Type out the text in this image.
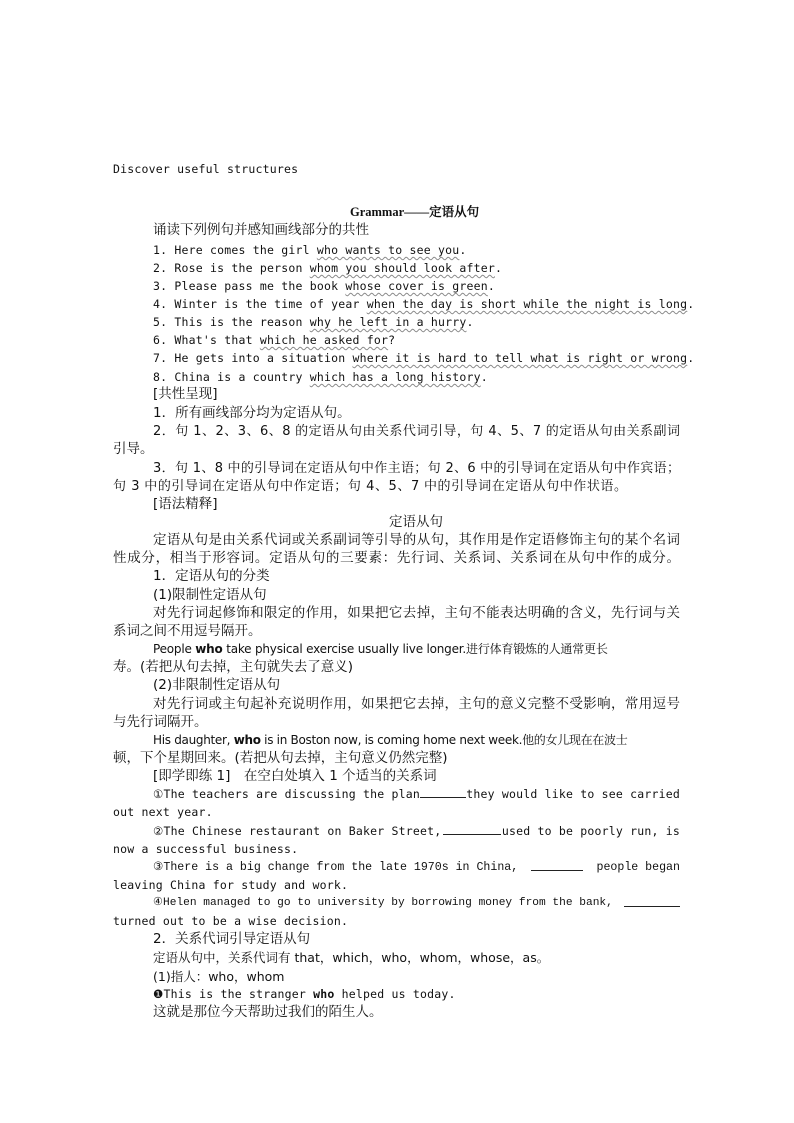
Discover useful structures
Grammar——定语从句
诵读下列例句并感知画线部分的共性
1. Here comes the girl who wants to see you.
2. Rose is the person whom you should look after.
3. Please pass me the book whose cover is green.
4. Winter is the time of year when the day is short while the night is long.
5. This is the reason why he left in a hurry.
6. What's that which he asked for?
7. He gets into a situation where it is hard to tell what is right or wrong.
8. China is a country which has a long history.
[共性呈现]
1．所有画线部分均为定语从句。
2．句 1、2、3、6、8 的定语从句由关系代词引导，句 4、5、7 的定语从句由关系副词
引导。
3．句 1、8 中的引导词在定语从句中作主语；句 2、6 中的引导词在定语从句中作宾语；
句 3 中的引导词在定语从句中作定语；句 4、5、7 中的引导词在定语从句中作状语。
[语法精释]
定语从句
定语从句是由关系代词或关系副词等引导的从句，其作用是作定语修饰主句的某个名词
性成分，相当于形容词。定语从句的三要素：先行词、关系词、关系词在从句中作的成分。
1．定语从句的分类
(1)限制性定语从句
对先行词起修饰和限定的作用，如果把它去掉，主句不能表达明确的含义，先行词与关
系词之间不用逗号隔开。
People who take physical exercise usually live longer.进行体育锻炼的人通常更长
寿。(若把从句去掉，主句就失去了意义)
(2)非限制性定语从句
对先行词或主句起补充说明作用，如果把它去掉，主句的意义完整不受影响，常用逗号
与先行词隔开。
His daughter, who is in Boston now, is coming home next week.他的女儿现在在波士
顿，下个星期回来。(若把从句去掉，主句意义仍然完整)
[即学即练 1]　在空白处填入 1 个适当的关系词
①The teachers are discussing the plan	they would like to see carried
out next year.
②The Chinese restaurant on Baker Street,	used to be poorly run, is
now a successful business.
③There is a big change from the late 1970s in China,	people began
leaving China for study and work.
④Helen managed to go to university by borrowing money from the bank,
turned out to be a wise decision.
2．关系代词引导定语从句
定语从句中，关系代词有 that，which，who，whom，whose，as。
(1)指人：who，whom
❶This is the stranger who helped us today.
这就是那位今天帮助过我们的陌生人。
